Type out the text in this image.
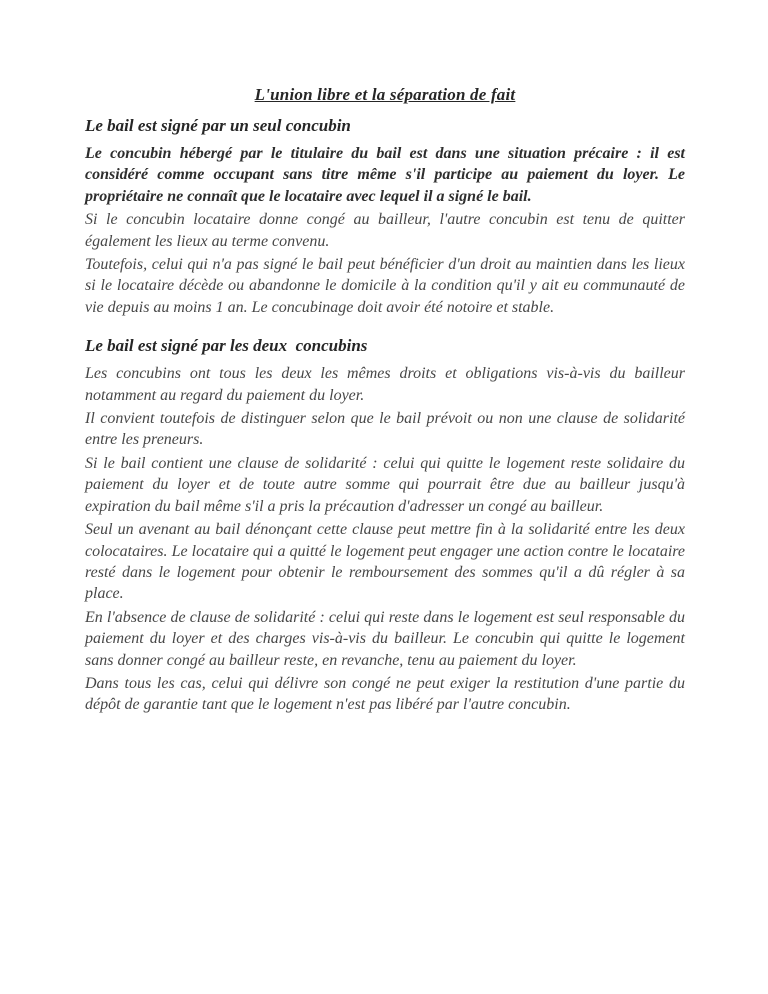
L'union libre et la séparation de fait
Le bail est signé par un seul concubin

Le concubin hébergé par le titulaire du bail est dans une situation précaire : il est considéré comme occupant sans titre même s'il participe au paiement du loyer. Le propriétaire ne connaît que le locataire avec lequel il a signé le bail.

Si le concubin locataire donne congé au bailleur, l'autre concubin est tenu de quitter également les lieux au terme convenu.

Toutefois, celui qui n'a pas signé le bail peut bénéficier d'un droit au maintien dans les lieux si le locataire décède ou abandonne le domicile à la condition qu'il y ait eu communauté de vie depuis au moins 1 an. Le concubinage doit avoir été notoire et stable.

Le bail est signé par les deux  concubins

Les concubins ont tous les deux les mêmes droits et obligations vis-à-vis du bailleur notamment au regard du paiement du loyer.

Il convient toutefois de distinguer selon que le bail prévoit ou non une clause de solidarité entre les preneurs.

Si le bail contient une clause de solidarité : celui qui quitte le logement reste solidaire du paiement du loyer et de toute autre somme qui pourrait être due au bailleur jusqu'à expiration du bail même s'il a pris la précaution d'adresser un congé au bailleur.

Seul un avenant au bail dénonçant cette clause peut mettre fin à la solidarité entre les deux colocataires. Le locataire qui a quitté le logement peut engager une action contre le locataire resté dans le logement pour obtenir le remboursement des sommes qu'il a dû régler à sa place.

En l'absence de clause de solidarité : celui qui reste dans le logement est seul responsable du paiement du loyer et des charges vis-à-vis du bailleur. Le concubin qui quitte le logement sans donner congé au bailleur reste, en revanche, tenu au paiement du loyer.

Dans tous les cas, celui qui délivre son congé ne peut exiger la restitution d'une partie du dépôt de garantie tant que le logement n'est pas libéré par l'autre concubin.
